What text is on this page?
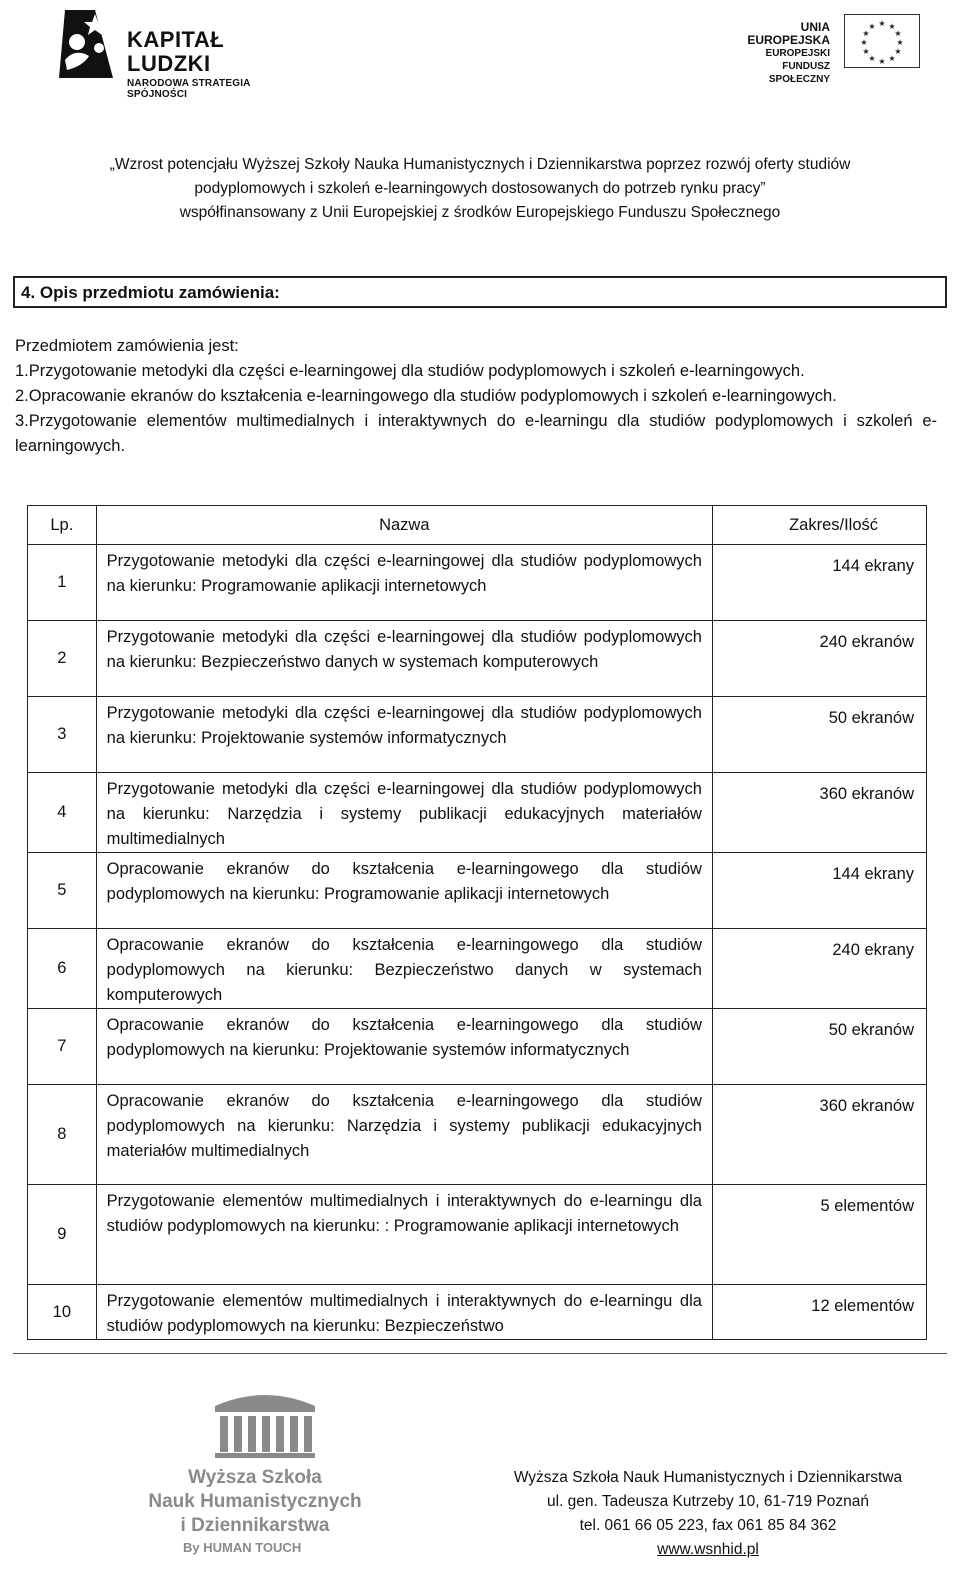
KAPITAŁ LUDZKI
NARODOWA STRATEGIA SPÓJNOŚCI
UNIA EUROPEJSKA
EUROPEJSKI
FUNDUSZ SPOŁECZNY
★ ★
★
★
★
★
★
★
★
★
★
★
„Wzrost potencjału Wyższej Szkoły Nauka Humanistycznych i Dziennikarstwa poprzez rozwój oferty studiów
podyplomowych i szkoleń e-learningowych dostosowanych do potrzeb rynku pracy”
współfinansowany z Unii Europejskiej z środków Europejskiego Funduszu Społecznego
4. Opis przedmiotu zamówienia:

Przedmiotem zamówienia jest:

1.Przygotowanie metodyki dla części e-learningowej dla studiów podyplomowych i szkoleń e-learningowych.

2.Opracowanie ekranów do kształcenia e-learningowego dla studiów podyplomowych i szkoleń e-learningowych.

3.Przygotowanie elementów multimedialnych i interaktywnych do e-learningu dla studiów podyplomowych i szkoleń e-learningowych.

Lp.	Nazwa	Zakres/Ilość
1	Przygotowanie metodyki dla części e-learningowej dla studiów podyplomowych na kierunku: Programowanie aplikacji internetowych	144 ekrany
2	Przygotowanie metodyki dla części e-learningowej dla studiów podyplomowych na kierunku: Bezpieczeństwo danych w systemach komputerowych	240 ekranów
3	Przygotowanie metodyki dla części e-learningowej dla studiów podyplomowych na kierunku: Projektowanie systemów informatycznych	50 ekranów
4	Przygotowanie metodyki dla części e-learningowej dla studiów podyplomowych na kierunku: Narzędzia i systemy publikacji edukacyjnych materiałów multimedialnych	360 ekranów
5	Opracowanie ekranów do kształcenia e-learningowego dla studiów podyplomowych na kierunku: Programowanie aplikacji internetowych	144 ekrany
6	Opracowanie ekranów do kształcenia e-learningowego dla studiów podyplomowych na kierunku: Bezpieczeństwo danych w systemach komputerowych	240 ekrany
7	Opracowanie ekranów do kształcenia e-learningowego dla studiów podyplomowych na kierunku: Projektowanie systemów informatycznych	50 ekranów
8	Opracowanie ekranów do kształcenia e-learningowego dla studiów podyplomowych na kierunku: Narzędzia i systemy publikacji edukacyjnych materiałów multimedialnych	360 ekranów
9	Przygotowanie elementów multimedialnych i interaktywnych do e-learningu dla studiów podyplomowych na kierunku: : Programowanie aplikacji internetowych	5 elementów
10	Przygotowanie elementów multimedialnych i interaktywnych do e-learningu dla studiów podyplomowych na kierunku: Bezpieczeństwo	12 elementów
Wyższa Szkoła
Nauk Humanistycznych
i Dziennikarstwa
By HUMAN TOUCH
Wyższa Szkoła Nauk Humanistycznych i Dziennikarstwa
ul. gen. Tadeusza Kutrzeby 10, 61-719 Poznań
tel. 061 66 05 223, fax 061 85 84 362
www.wsnhid.pl
